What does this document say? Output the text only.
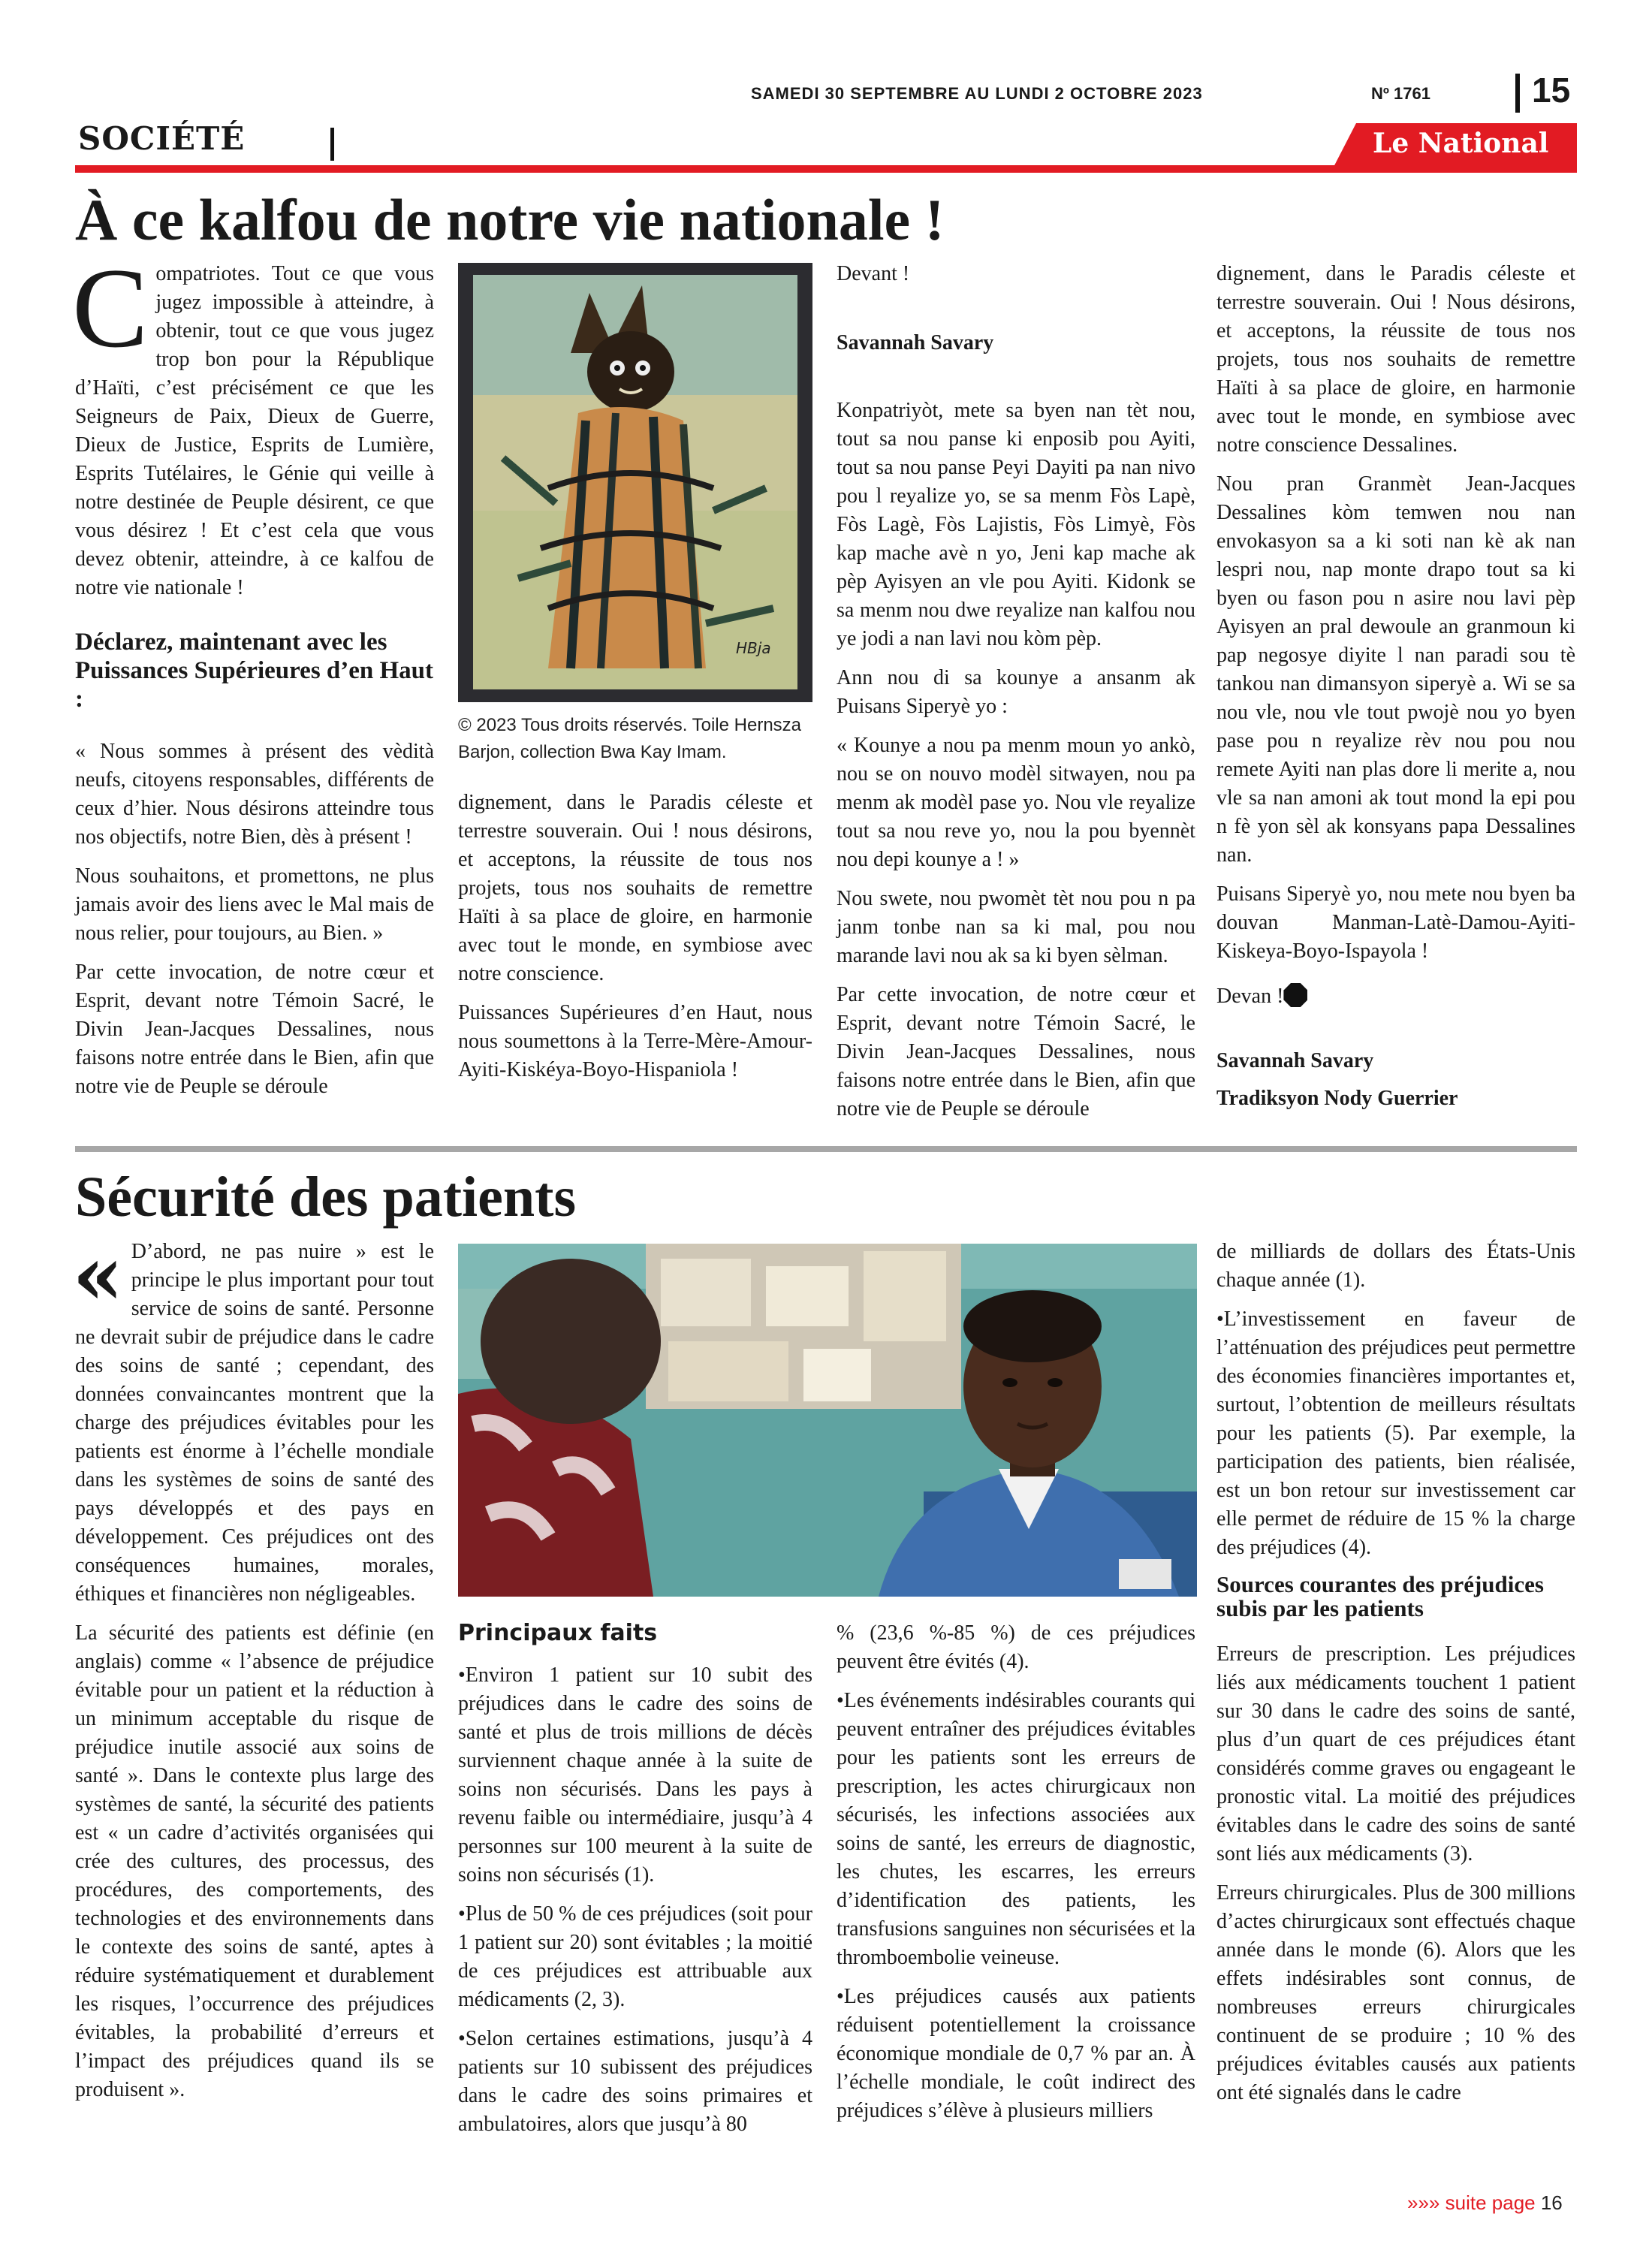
SAMEDI 30 SEPTEMBRE AU LUNDI 2 OCTOBRE 2023	Nº 1761	15
SOCIÉTÉ	Le National
À ce kalfou de notre vie nationale !

Compatriotes. Tout ce que vous jugez impossible à atteindre, à obtenir, tout ce que vous jugez trop bon pour la République d’Haïti, c’est précisément ce que les Seigneurs de Paix, Dieux de Guerre, Dieux de Justice, Esprits de Lumière, Esprits Tutélaires, le Génie qui veille à notre destinée de Peuple désirent, ce que vous désirez ! Et c’est cela que vous devez obtenir, atteindre, à ce kalfou de notre vie nationale !

Déclarez, maintenant avec les Puissances Supérieures d’en Haut :

« Nous sommes à présent des vèdità neufs, citoyens responsables, différents de ceux d’hier. Nous désirons atteindre tous nos objectifs, notre Bien, dès à présent !

Nous souhaitons, et promettons, ne plus jamais avoir des liens avec le Mal mais de nous relier, pour toujours, au Bien. »

Par cette invocation, de notre cœur et Esprit, devant notre Témoin Sacré, le Divin Jean-Jacques Dessalines, nous faisons notre entrée dans le Bien, afin que notre vie de Peuple se déroule

HBja
© 2023 Tous droits réservés. Toile Hernsza Barjon, collection Bwa Kay Imam.

dignement, dans le Paradis céleste et terrestre souverain. Oui ! nous désirons, et acceptons, la réussite de tous nos projets, tous nos souhaits de remettre Haïti à sa place de gloire, en harmonie avec tout le monde, en symbiose avec notre conscience.

Puissances Supérieures d’en Haut, nous nous soumettons à la Terre-Mère-Amour-Ayiti-Kiskéya-Boyo-Hispaniola !

Devant !

Savannah Savary

Konpatriyòt, mete sa byen nan tèt nou, tout sa nou panse ki enposib pou Ayiti, tout sa nou panse Peyi Dayiti pa nan nivo pou l reyalize yo, se sa menm Fòs Lapè, Fòs Lagè, Fòs Lajistis, Fòs Limyè, Fòs kap mache avè n yo, Jeni kap mache ak pèp Ayisyen an vle pou Ayiti. Kidonk se sa menm nou dwe reyalize nan kalfou nou ye jodi a nan lavi nou kòm pèp.

Ann nou di sa kounye a ansanm ak Puisans Siperyè yo :

« Kounye a nou pa menm moun yo ankò, nou se on nouvo modèl sitwayen, nou pa menm ak modèl pase yo. Nou vle reyalize tout sa nou reve yo, nou la pou byennèt nou depi kounye a ! »

Nou swete, nou pwomèt tèt nou pou n pa janm tonbe nan sa ki mal, pou nou marande lavi nou ak sa ki byen sèlman.

Par cette invocation, de notre cœur et Esprit, devant notre Témoin Sacré, le Divin Jean-Jacques Dessalines, nous faisons notre entrée dans le Bien, afin que notre vie de Peuple se déroule

dignement, dans le Paradis céleste et terrestre souverain. Oui ! Nous désirons, et acceptons, la réussite de tous nos projets, tous nos souhaits de remettre Haïti à sa place de gloire, en harmonie avec tout le monde, en symbiose avec notre conscience Dessalines.

Nou pran Granmèt Jean-Jacques Dessalines kòm temwen nou nan envokasyon sa a ki soti nan kè ak nan lespri nou, nap monte drapo tout sa ki byen ou fason pou n asire nou lavi pèp Ayisyen an pral dewoule an granmoun ki pap negosye diyite l nan paradi sou tè tankou nan dimansyon siperyè a. Wi se sa nou vle, nou vle tout pwojè nou yo byen pase pou n reyalize rèv nou pou nou remete Ayiti nan plas dore li merite a, nou vle sa nan amoni ak tout mond la epi pou n fè yon sèl ak konsyans papa Dessalines nan.

Puisans Siperyè yo, nou mete nou byen ba douvan Manman-Latè-Damou-Ayiti-Kiskeya-Boyo-Ispayola !

Devan !

Savannah Savary
Tradiksyon Nody Guerrier
Sécurité des patients

« D’abord, ne pas nuire » est le principe le plus important pour tout service de soins de santé. Personne ne devrait subir de préjudice dans le cadre des soins de santé ; cependant, des données convaincantes montrent que la charge des préjudices évitables pour les patients est énorme à l’échelle mondiale dans les systèmes de soins de santé des pays développés et des pays en développement. Ces préjudices ont des conséquences humaines, morales, éthiques et financières non négligeables.

La sécurité des patients est définie (en anglais) comme « l’absence de préjudice évitable pour un patient et la réduction à un minimum acceptable du risque de préjudice inutile associé aux soins de santé ». Dans le contexte plus large des systèmes de santé, la sécurité des patients est « un cadre d’activités organisées qui crée des cultures, des processus, des procédures, des comportements, des technologies et des environnements dans le contexte des soins de santé, aptes à réduire systématiquement et durablement les risques, l’occurrence des préjudices évitables, la probabilité d’erreurs et l’impact des préjudices quand ils se produisent ».

Principaux faits

•Environ 1 patient sur 10 subit des préjudices dans le cadre des soins de santé et plus de trois millions de décès surviennent chaque année à la suite de soins non sécurisés. Dans les pays à revenu faible ou intermédiaire, jusqu’à 4 personnes sur 100 meurent à la suite de soins non sécurisés (1).

•Plus de 50 % de ces préjudices (soit pour 1 patient sur 20) sont évitables ; la moitié de ces préjudices est attribuable aux médicaments (2, 3).

•Selon certaines estimations, jusqu’à 4 patients sur 10 subissent des préjudices dans le cadre des soins primaires et ambulatoires, alors que jusqu’à 80

% (23,6 %-85 %) de ces préjudices peuvent être évités (4).

•Les événements indésirables courants qui peuvent entraîner des préjudices évitables pour les patients sont les erreurs de prescription, les actes chirurgicaux non sécurisés, les infections associées aux soins de santé, les erreurs de diagnostic, les chutes, les escarres, les erreurs d’identification des patients, les transfusions sanguines non sécurisées et la thromboembolie veineuse.

•Les préjudices causés aux patients réduisent potentiellement la croissance économique mondiale de 0,7 % par an. À l’échelle mondiale, le coût indirect des préjudices s’élève à plusieurs milliers

de milliards de dollars des États-Unis chaque année (1).

•L’investissement en faveur de l’atténuation des préjudices peut permettre des économies financières importantes et, surtout, l’obtention de meilleurs résultats pour les patients (5). Par exemple, la participation des patients, bien réalisée, est un bon retour sur investissement car elle permet de réduire de 15 % la charge des préjudices (4).

Sources courantes des préjudices subis par les patients

Erreurs de prescription. Les préjudices liés aux médicaments touchent 1 patient sur 30 dans le cadre des soins de santé, plus d’un quart de ces préjudices étant considérés comme graves ou engageant le pronostic vital. La moitié des préjudices évitables dans le cadre des soins de santé sont liés aux médicaments (3).

Erreurs chirurgicales. Plus de 300 millions d’actes chirurgicaux sont effectués chaque année dans le monde (6). Alors que les effets indésirables sont connus, de nombreuses erreurs chirurgicales continuent de se produire ; 10 % des préjudices évitables causés aux patients ont été signalés dans le cadre

»»» suite page 16
